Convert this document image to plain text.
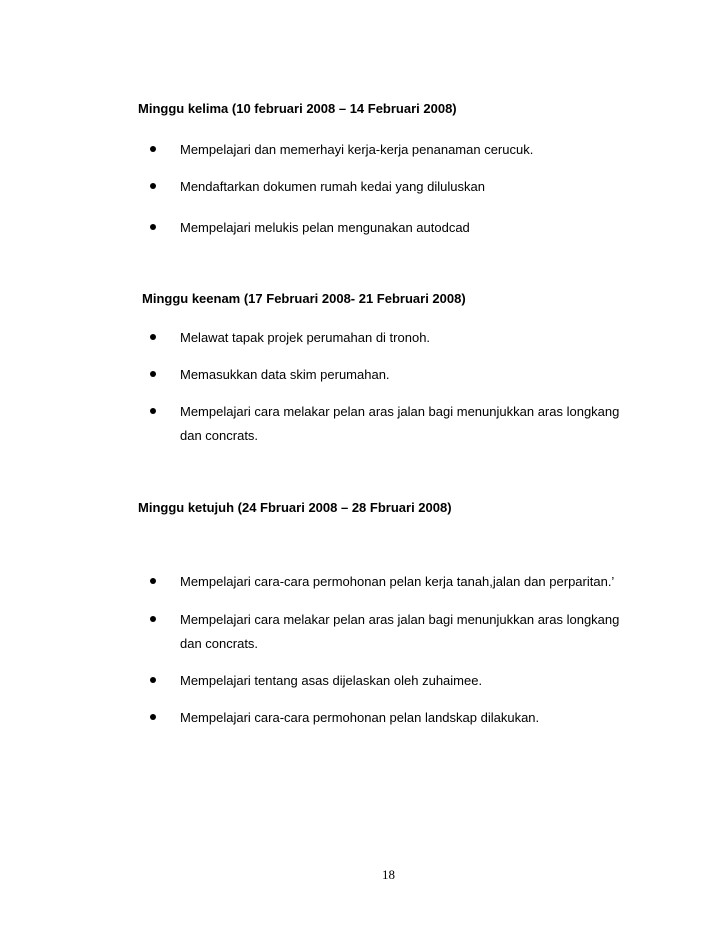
Minggu kelima (10 februari 2008 – 14 Februari 2008)
Mempelajari dan memerhayi kerja-kerja penanaman cerucuk.
Mendaftarkan dokumen rumah kedai yang diluluskan
Mempelajari melukis pelan mengunakan autodcad
Minggu keenam (17 Februari 2008- 21 Februari 2008)
Melawat tapak projek perumahan di tronoh.
Memasukkan data skim perumahan.
Mempelajari cara melakar pelan aras jalan bagi menunjukkan aras longkang dan concrats.
Minggu ketujuh (24 Fbruari 2008 – 28 Fbruari 2008)
Mempelajari cara-cara permohonan pelan kerja tanah,jalan dan perparitan.’
Mempelajari cara melakar pelan aras jalan bagi menunjukkan aras longkang dan concrats.
Mempelajari tentang asas dijelaskan oleh zuhaimee.
Mempelajari cara-cara permohonan pelan landskap dilakukan.
18
